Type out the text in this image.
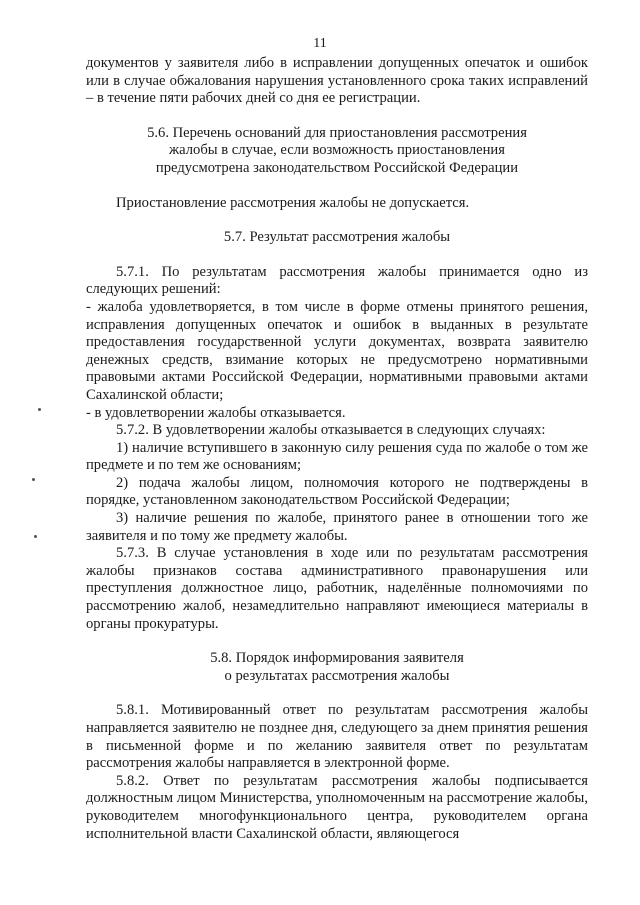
11

документов у заявителя либо в исправлении допущенных опечаток и ошибок или в случае обжалования нарушения установленного срока таких исправлений – в течение пяти рабочих дней со дня ее регистрации.

5.6. Перечень оснований для приостановления рассмотрения

жалобы в случае, если возможность приостановления

предусмотрена законодательством Российской Федерации

Приостановление рассмотрения жалобы не допускается.

5.7. Результат рассмотрения жалобы

5.7.1. По результатам рассмотрения жалобы принимается одно из следующих решений:

- жалоба удовлетворяется, в том числе в форме отмены принятого решения, исправления допущенных опечаток и ошибок в выданных в результате предоставления государственной услуги документах, возврата заявителю денежных средств, взимание которых не предусмотрено нормативными правовыми актами Российской Федерации, нормативными правовыми актами Сахалинской области;

- в удовлетворении жалобы отказывается.

5.7.2. В удовлетворении жалобы отказывается в следующих случаях:

1) наличие вступившего в законную силу решения суда по жалобе о том же предмете и по тем же основаниям;

2) подача жалобы лицом, полномочия которого не подтверждены в порядке, установленном законодательством Российской Федерации;

3) наличие решения по жалобе, принятого ранее в отношении того же заявителя и по тому же предмету жалобы.

5.7.3. В случае установления в ходе или по результатам рассмотрения жалобы признаков состава административного правонарушения или преступления должностное лицо, работник, наделённые полномочиями по рассмотрению жалоб, незамедлительно направляют имеющиеся материалы в органы прокуратуры.

5.8. Порядок информирования заявителя

о результатах рассмотрения жалобы

5.8.1. Мотивированный ответ по результатам рассмотрения жалобы направляется заявителю не позднее дня, следующего за днем принятия решения в письменной форме и по желанию заявителя ответ по результатам рассмотрения жалобы направляется в электронной форме.

5.8.2. Ответ по результатам рассмотрения жалобы подписывается должностным лицом Министерства, уполномоченным на рассмотрение жалобы, руководителем многофункционального центра, руководителем органа исполнительной власти Сахалинской области, являющегося
